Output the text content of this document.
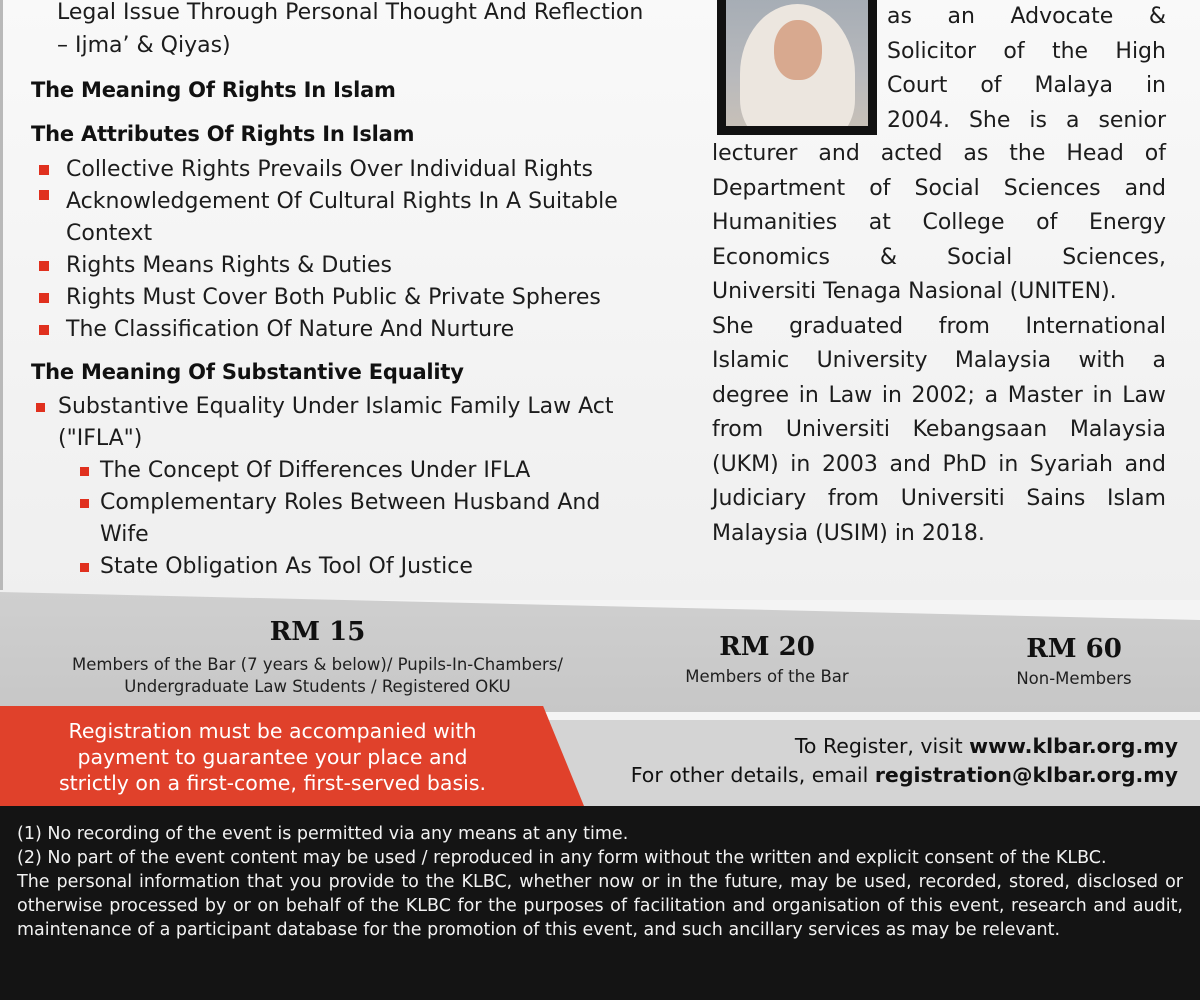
Legal Issue Through Personal Thought And Reflection
– Ijma’ & Qiyas)
The Meaning Of Rights In Islam
The Attributes Of Rights In Islam
Collective Rights Prevails Over Individual Rights
Acknowledgement Of Cultural Rights In A Suitable
Context
Rights Means Rights & Duties
Rights Must Cover Both Public & Private Spheres
The Classification Of Nature And Nurture
The Meaning Of Substantive Equality
Substantive Equality Under Islamic Family Law Act
("IFLA")
The Concept Of Differences Under IFLA
Complementary Roles Between Husband And
Wife
State Obligation As Tool Of Justice
as an Advocate &
Solicitor of the High
Court of Malaya in
2004. She is a senior
lecturer and acted as the Head of
Department of Social Sciences and
Humanities at College of Energy
Economics & Social Sciences,
Universiti Tenaga Nasional (UNITEN).
She graduated from International
Islamic University Malaysia with a
degree in Law in 2002; a Master in Law
from Universiti Kebangsaan Malaysia
(UKM) in 2003 and PhD in Syariah and
Judiciary from Universiti Sains Islam
Malaysia (USIM) in 2018.
RM 15
Members of the Bar (7 years & below)/ Pupils-In-Chambers/
Undergraduate Law Students / Registered OKU
RM 20
Members of the Bar
RM 60
Non-Members
Registration must be accompanied with
payment to guarantee your place and
strictly on a first-come, first-served basis.
To Register, visit www.klbar.org.my
For other details, email registration@klbar.org.my

(1) No recording of the event is permitted via any means at any time.

(2) No part of the event content may be used / reproduced in any form without the written and explicit consent of the KLBC.

The personal information that you provide to the KLBC, whether now or in the future, may be used, recorded, stored, disclosed or otherwise processed by or on behalf of the KLBC for the purposes of facilitation and organisation of this event, research and audit, maintenance of a participant database for the promotion of this event, and such ancillary services as may be relevant.
